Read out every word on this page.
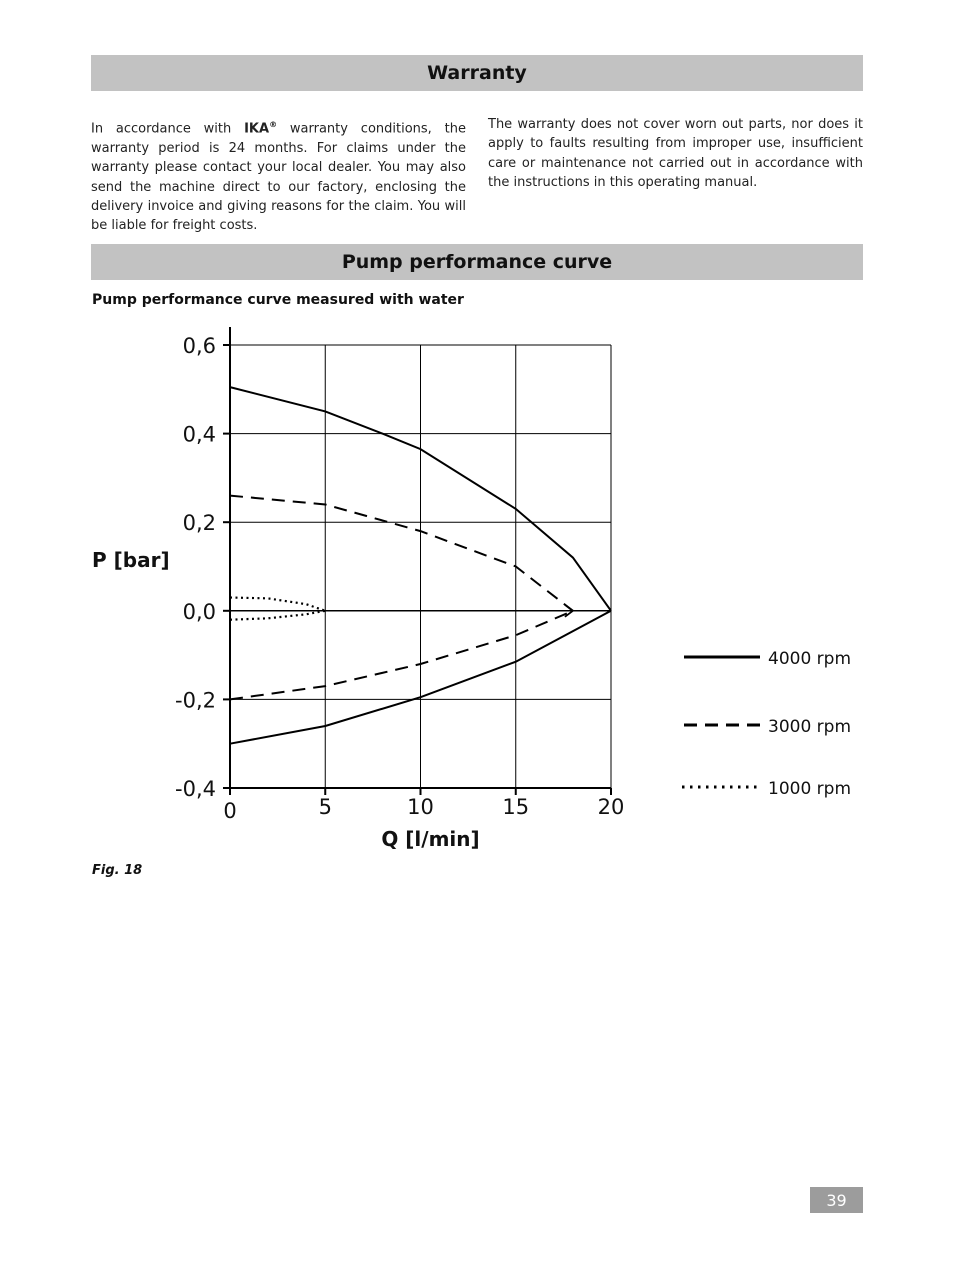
Warranty
In accordance with IKA® warranty conditions, the warranty period is 24 months. For claims under the warranty please contact your local dealer. You may also send the machine direct to our factory, enclosing the delivery invoice and giving reasons for the claim. You will be liable for freight costs.
The warranty does not cover worn out parts, nor does it apply to faults resulting from improper use, insufficient care or maintenance not carried out in accordance with the instructions in this operating manual.
Pump performance curve
Pump performance curve measured with water
0,6
0,4
0,2
0,0
-0,2
-0,4
0	5	10	15	20
P [bar]
Q [l/min]
4000 rpm
3000 rpm
1000 rpm
Fig. 18
39
